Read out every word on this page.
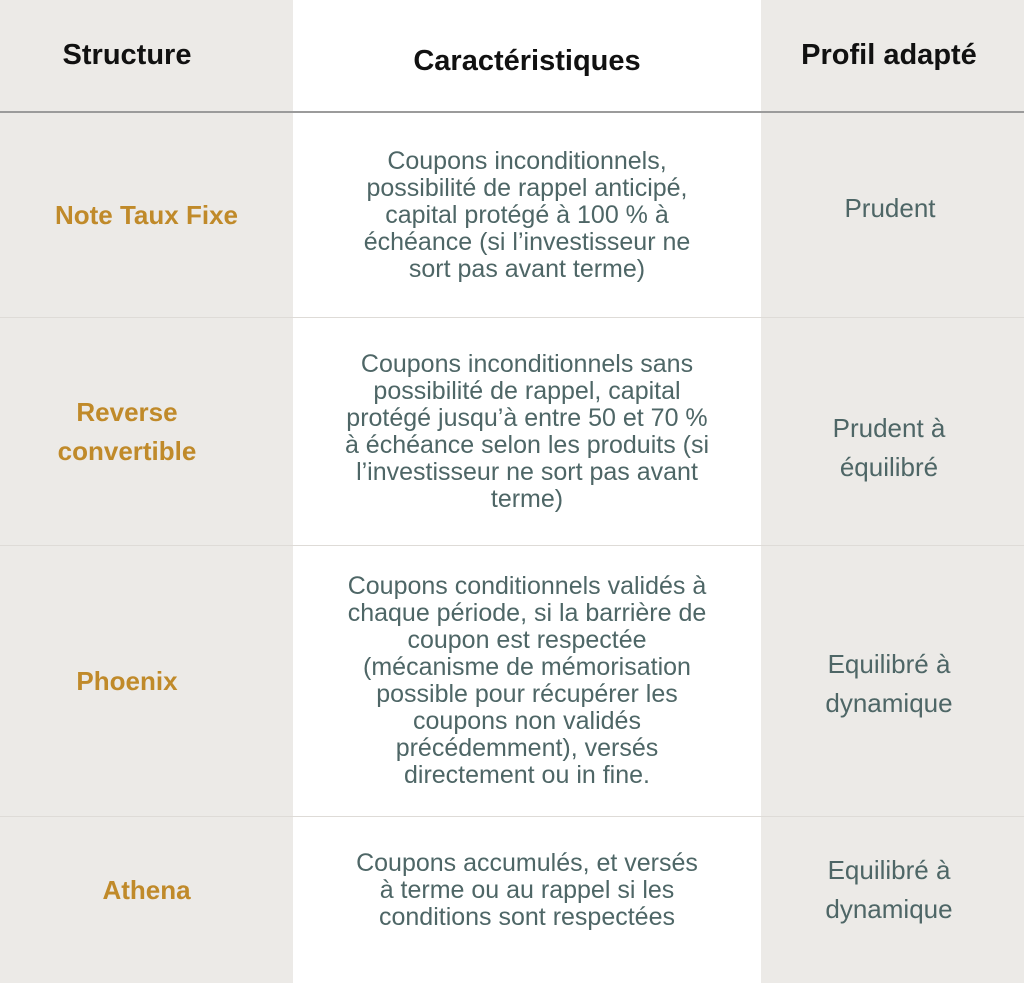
Structure	Caractéristiques	Profil adapté
Note Taux Fixe
Coupons inconditionnels,
possibilité de rappel anticipé,
capital protégé à 100 % à
échéance (si l’investisseur ne
sort pas avant terme)
Prudent
Reverse
convertible
Coupons inconditionnels sans
possibilité de rappel, capital
protégé jusqu’à entre 50 et 70 %
à échéance selon les produits (si
l’investisseur ne sort pas avant
terme)
Prudent à
équilibré
Phoenix
Coupons conditionnels validés à
chaque période, si la barrière de
coupon est respectée
(mécanisme de mémorisation
possible pour récupérer les
coupons non validés
précédemment), versés
directement ou in fine.
Equilibré à
dynamique
Athena
Coupons accumulés, et versés
à terme ou au rappel si les
conditions sont respectées
Equilibré à
dynamique
